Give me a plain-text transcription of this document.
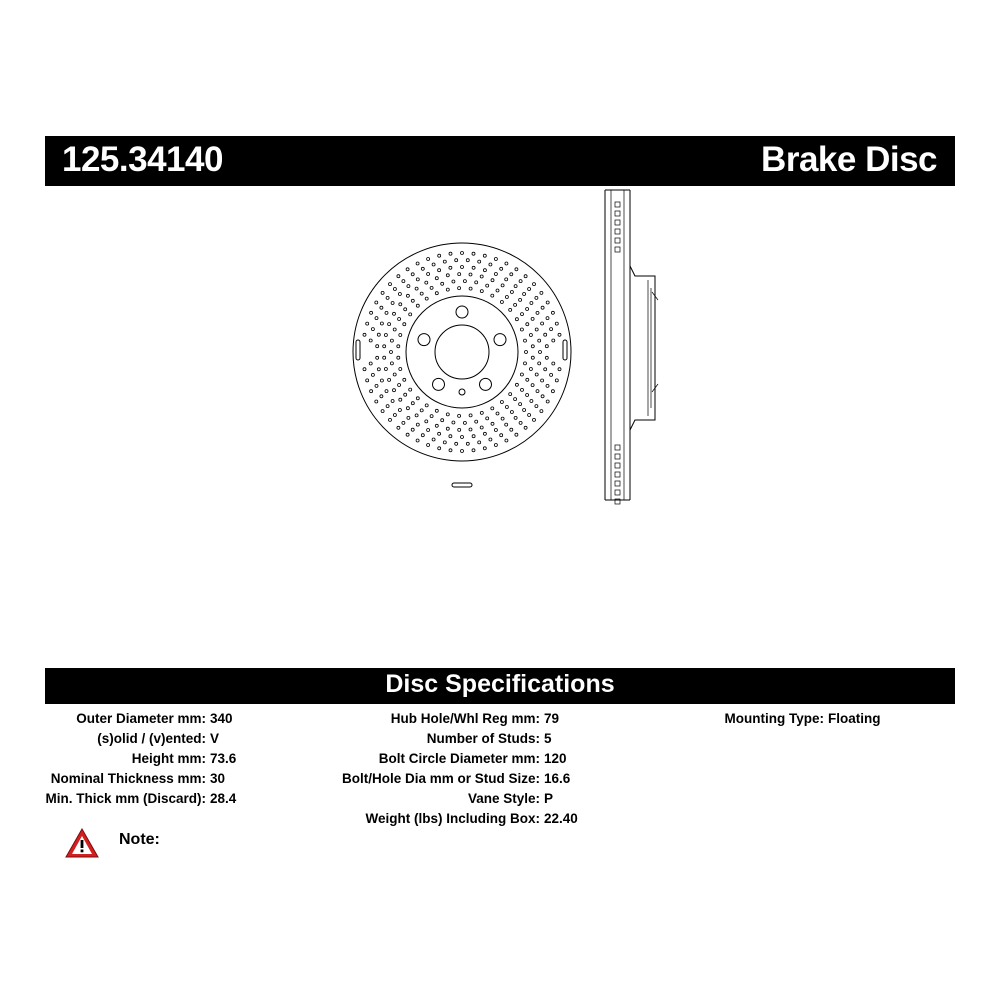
125.34140	Brake Disc
Disc Specifications
Outer Diameter mm: 340
(s)olid / (v)ented: V
Height mm: 73.6
Nominal Thickness mm: 30
Min. Thick mm (Discard): 28.4
Hub Hole/Whl Reg mm: 79
Number of Studs: 5
Bolt Circle Diameter mm: 120
Bolt/Hole Dia mm or Stud Size: 16.6
Vane Style: P
Weight (lbs) Including Box: 22.40
Mounting Type: Floating
Note:
